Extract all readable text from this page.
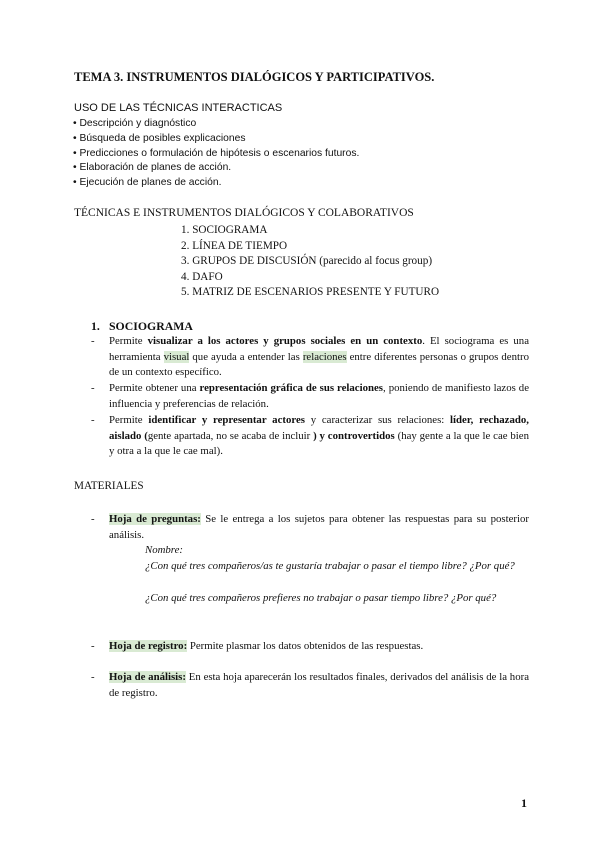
TEMA 3. INSTRUMENTOS DIALÓGICOS Y PARTICIPATIVOS.
USO DE LAS TÉCNICAS INTERACTICAS
• Descripción y diagnóstico
• Búsqueda de posibles explicaciones
• Predicciones o formulación de hipótesis o escenarios futuros.
• Elaboración de planes de acción.
• Ejecución de planes de acción.
TÉCNICAS E INSTRUMENTOS DIALÓGICOS Y COLABORATIVOS
1. SOCIOGRAMA
2. LÍNEA DE TIEMPO
3. GRUPOS DE DISCUSIÓN (parecido al focus group)
4. DAFO
5. MATRIZ DE ESCENARIOS PRESENTE Y FUTURO
1. SOCIOGRAMA
- Permite visualizar a los actores y grupos sociales en un contexto. El sociograma es una herramienta visual que ayuda a entender las relaciones entre diferentes personas o grupos dentro de un contexto específico.
- Permite obtener una representación gráfica de sus relaciones, poniendo de manifiesto lazos de influencia y preferencias de relación.
- Permite identificar y representar actores y caracterizar sus relaciones: líder, rechazado, aislado (gente apartada, no se acaba de incluir ) y controvertidos (hay gente a la que le cae bien y otra a la que le cae mal).
MATERIALES
- Hoja de preguntas: Se le entrega a los sujetos para obtener las respuestas para su posterior análisis.
Nombre:
¿Con qué tres compañeros/as te gustaría trabajar o pasar el tiempo libre? ¿Por qué?
¿Con qué tres compañeros prefieres no trabajar o pasar tiempo libre? ¿Por qué?
- Hoja de registro: Permite plasmar los datos obtenidos de las respuestas.
- Hoja de análisis: En esta hoja aparecerán los resultados finales, derivados del análisis de la hora de registro.
1
